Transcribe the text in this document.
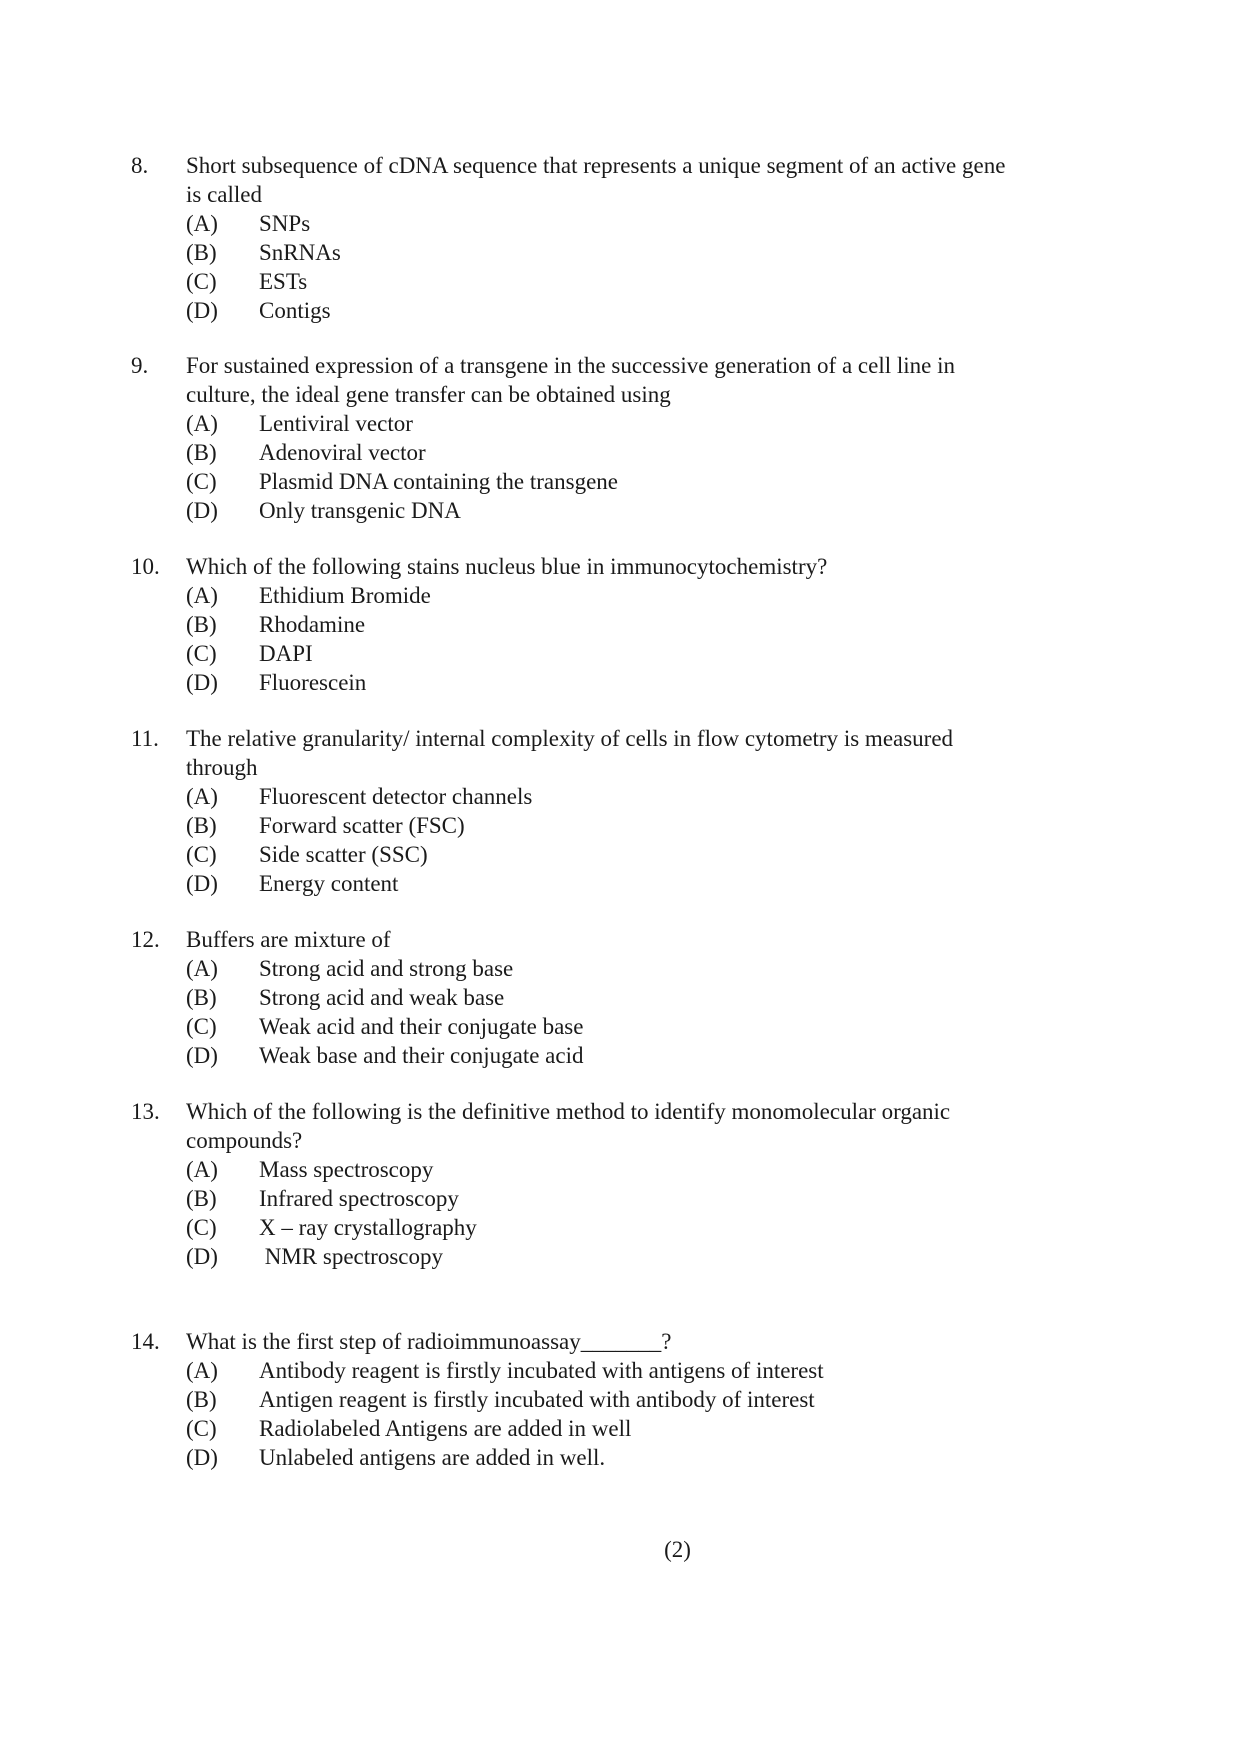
8. Short subsequence of cDNA sequence that represents a unique segment of an active gene
is called
(A) SNPs
(B) SnRNAs
(C) ESTs
(D) Contigs
9. For sustained expression of a transgene in the successive generation of a cell line in
culture, the ideal gene transfer can be obtained using
(A) Lentiviral vector
(B) Adenoviral vector
(C) Plasmid DNA containing the transgene
(D) Only transgenic DNA
10. Which of the following stains nucleus blue in immunocytochemistry?
(A) Ethidium Bromide
(B) Rhodamine
(C) DAPI
(D) Fluorescein
11. The relative granularity/ internal complexity of cells in flow cytometry is measured
through
(A) Fluorescent detector channels
(B) Forward scatter (FSC)
(C) Side scatter (SSC)
(D) Energy content
12. Buffers are mixture of
(A) Strong acid and strong base
(B) Strong acid and weak base
(C) Weak acid and their conjugate base
(D) Weak base and their conjugate acid
13. Which of the following is the definitive method to identify monomolecular organic
compounds?
(A) Mass spectroscopy
(B) Infrared spectroscopy
(C) X – ray crystallography
(D) NMR spectroscopy
14. What is the first step of radioimmunoassay_______?
(A) Antibody reagent is firstly incubated with antigens of interest
(B) Antigen reagent is firstly incubated with antibody of interest
(C) Radiolabeled Antigens are added in well
(D) Unlabeled antigens are added in well.
(2)
